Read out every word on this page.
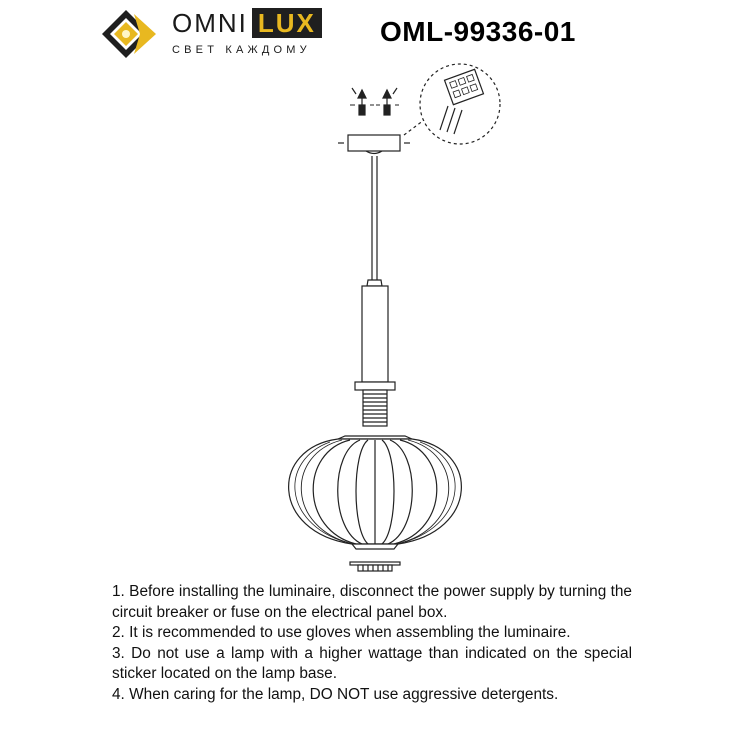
OMNI LUX
СВЕТ КАЖДОМУ
OML-99336-01

1. Before installing the luminaire, disconnect the power supply by turning the circuit breaker or fuse on the electrical panel box.

2. It is recommended to use gloves when assembling the luminaire.

3. Do not use a lamp with a higher wattage than indicated on the special sticker located on the lamp base.

4. When caring for the lamp, DO NOT use aggressive detergents.
